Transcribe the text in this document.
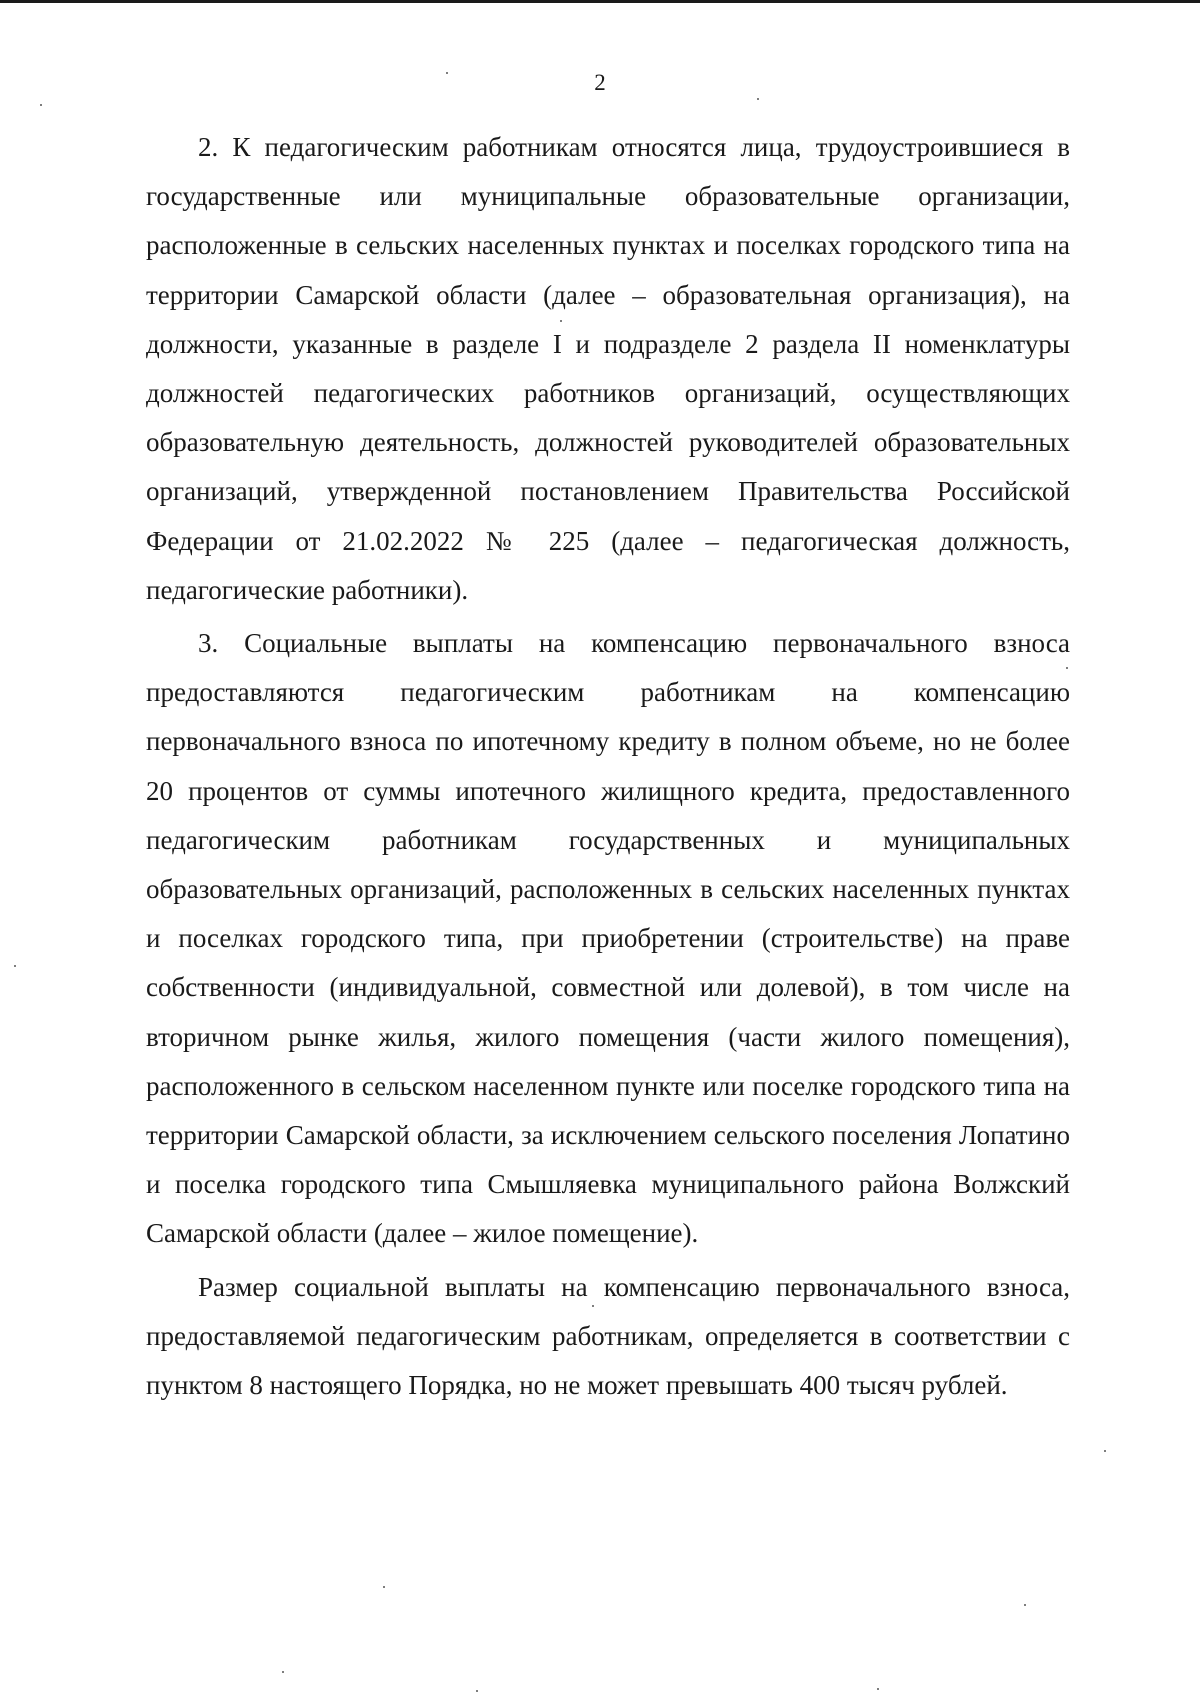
2

2. К педагогическим работникам относятся лица, трудоустроившиеся в государственные или муниципальные образовательные организации, расположенные в сельских населенных пунктах и поселках городского типа на территории Самарской области (далее – образовательная организация), на должности, указанные в разделе I и подразделе 2 раздела II номенклатуры должностей педагогических работников организаций, осуществляющих образовательную деятельность, должностей руководителей образовательных организаций, утвержденной постановлением Правительства Российской Федерации от 21.02.2022 № 225 (далее – педагогическая должность, педагогические работники).

3. Социальные выплаты на компенсацию первоначального взноса предоставляются педагогическим работникам на компенсацию первоначального взноса по ипотечному кредиту в полном объеме, но не более 20 процентов от суммы ипотечного жилищного кредита, предоставленного педагогическим работникам государственных и муниципальных образовательных организаций, расположенных в сельских населенных пунктах и поселках городского типа, при приобретении (строительстве) на праве собственности (индивидуальной, совместной или долевой), в том числе на вторичном рынке жилья, жилого помещения (части жилого помещения), расположенного в сельском населенном пункте или поселке городского типа на территории Самарской области, за исключением сельского поселения Лопатино и поселка городского типа Смышляевка муниципального района Волжский Самарской области (далее – жилое помещение).

Размер социальной выплаты на компенсацию первоначального взноса, предоставляемой педагогическим работникам, определяется в соответствии с пунктом 8 настоящего Порядка, но не может превышать 400 тысяч рублей.
